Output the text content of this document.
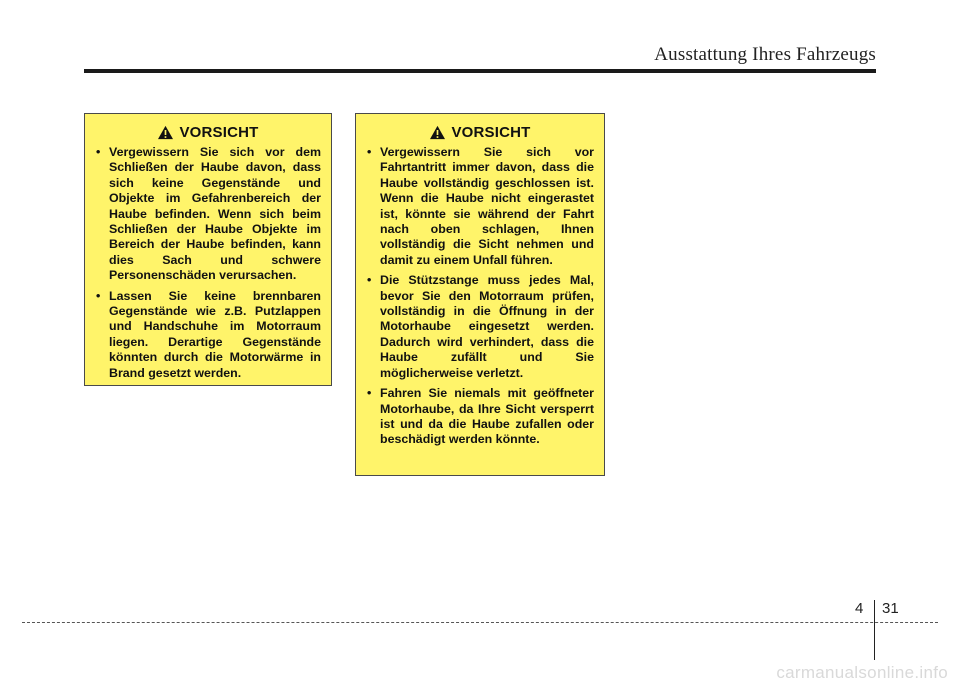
Ausstattung Ihres Fahrzeugs
VORSICHT
• Vergewissern Sie sich vor dem Schließen der Haube davon, dass sich keine Gegenstände und Objekte im Gefahrenbereich der Haube befinden. Wenn sich beim Schließen der Haube Objekte im Bereich der Haube befinden, kann dies Sach und schwere Personenschäden verursachen.
• Lassen Sie keine brennbaren Gegenstände wie z.B. Putzlappen und Handschuhe im Motorraum liegen. Derartige Gegenstände könnten durch die Motorwärme in Brand gesetzt werden.
VORSICHT
• Vergewissern Sie sich vor Fahrtantritt immer davon, dass die Haube vollständig geschlossen ist. Wenn die Haube nicht eingerastet ist, könnte sie während der Fahrt nach oben schlagen, Ihnen vollständig die Sicht nehmen und damit zu einem Unfall führen.
• Die Stützstange muss jedes Mal, bevor Sie den Motorraum prüfen, vollständig in die Öffnung in der Motorhaube eingesetzt werden. Dadurch wird verhindert, dass die Haube zufällt und Sie möglicherweise verletzt.
• Fahren Sie niemals mit geöffneter Motorhaube, da Ihre Sicht versperrt ist und da die Haube zufallen oder beschädigt werden könnte.
4 31
carmanualsonline.info
